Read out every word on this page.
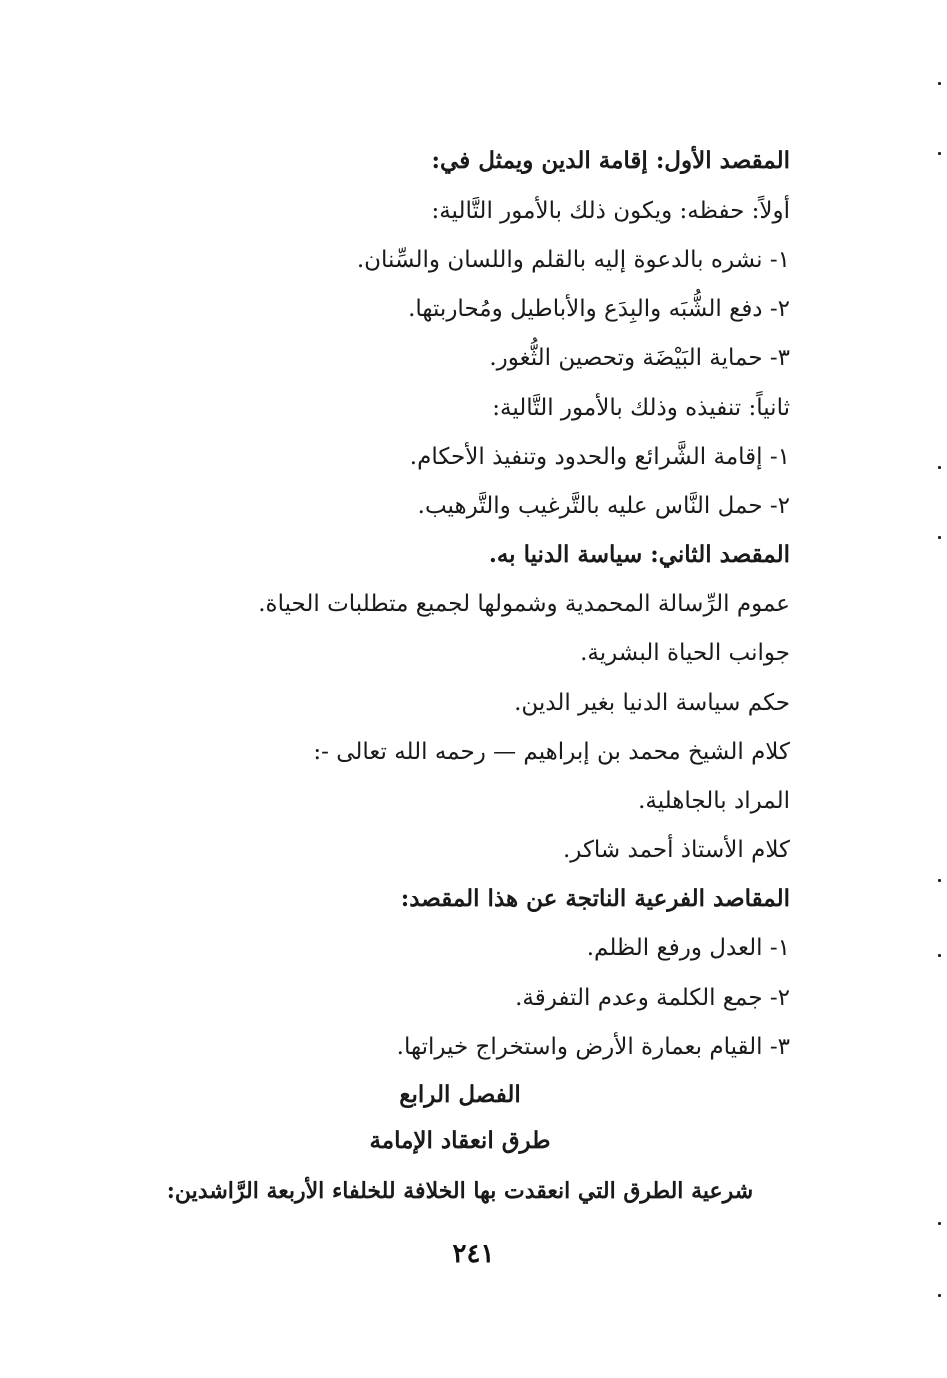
المقصد الأول: إقامة الدين ويمثل في:
أولاً: حفظه: ويكون ذلك بالأمور التَّالية:
١- نشره بالدعوة إليه بالقلم واللسان والسِّنان.
٢- دفع الشُّبَه والبِدَع والأباطيل ومُحاربتها.
٣- حماية البَيْضَة وتحصين الثُّغور.
ثانياً: تنفيذه وذلك بالأمور التَّالية:
١- إقامة الشَّرائع والحدود وتنفيذ الأحكام.
٢- حمل النَّاس عليه بالتَّرغيب والتَّرهيب.
المقصد الثاني: سياسة الدنيا به.
عموم الرِّسالة المحمدية وشمولها لجميع متطلبات الحياة.
جوانب الحياة البشرية.
حكم سياسة الدنيا بغير الدين.
كلام الشيخ محمد بن إبراهيم — رحمه الله تعالى -:
المراد بالجاهلية.
كلام الأستاذ أحمد شاكر.
المقاصد الفرعية الناتجة عن هذا المقصد:
١- العدل ورفع الظلم.
٢- جمع الكلمة وعدم التفرقة.
٣- القيام بعمارة الأرض واستخراج خيراتها.
الفصل الرابع
طرق انعقاد الإمامة
شرعية الطرق التي انعقدت بها الخلافة للخلفاء الأربعة الرَّاشدين:
٢٤١
